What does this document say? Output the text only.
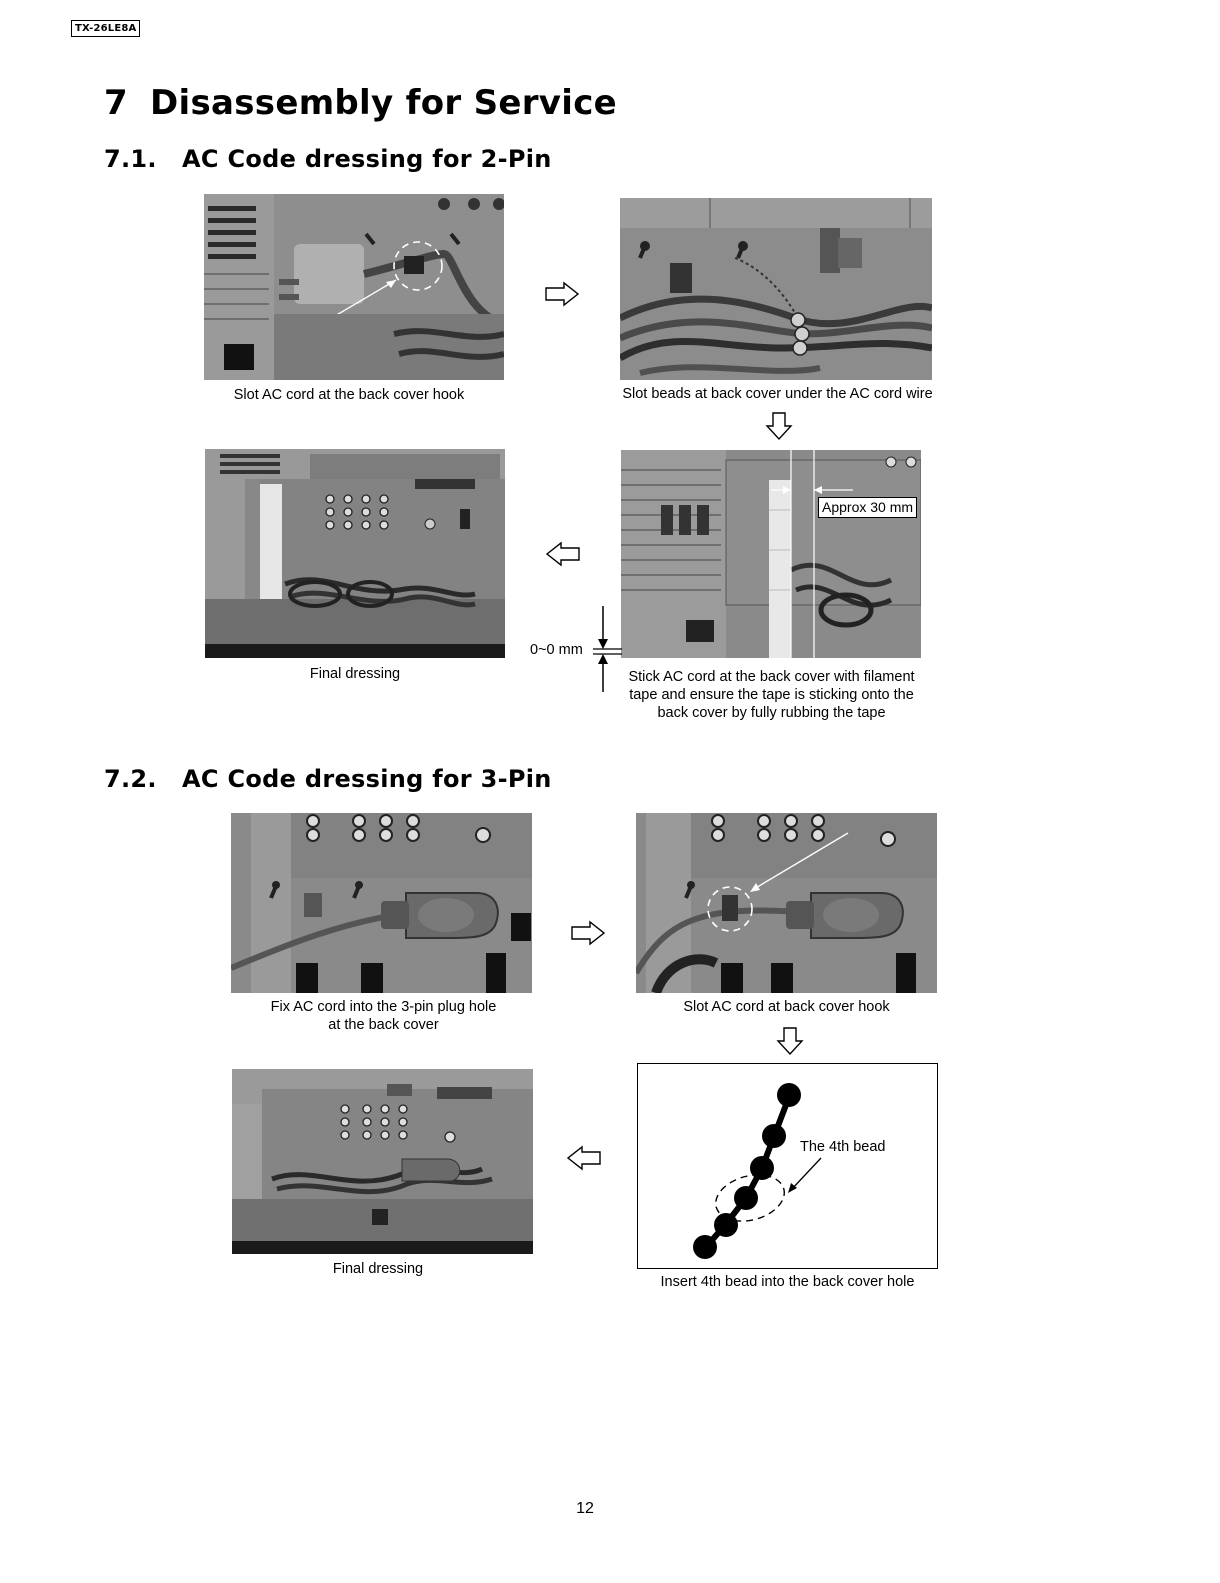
TX-26LE8A
7 Disassembly for Service
7.1. AC Code dressing for 2-Pin
Slot AC cord at the back cover hook	Slot beads at back cover under the AC cord wire
Final dressing
Approx 30 mm
0~0 mm
Stick AC cord at the back cover with filament
tape and ensure the tape is sticking onto the
back cover by fully rubbing the tape
7.2. AC Code dressing for 3-Pin
Fix AC cord into the 3-pin plug hole
at the back cover
Slot AC cord at back cover hook
Final dressing
The 4th bead
Insert 4th bead into the back cover hole
12
